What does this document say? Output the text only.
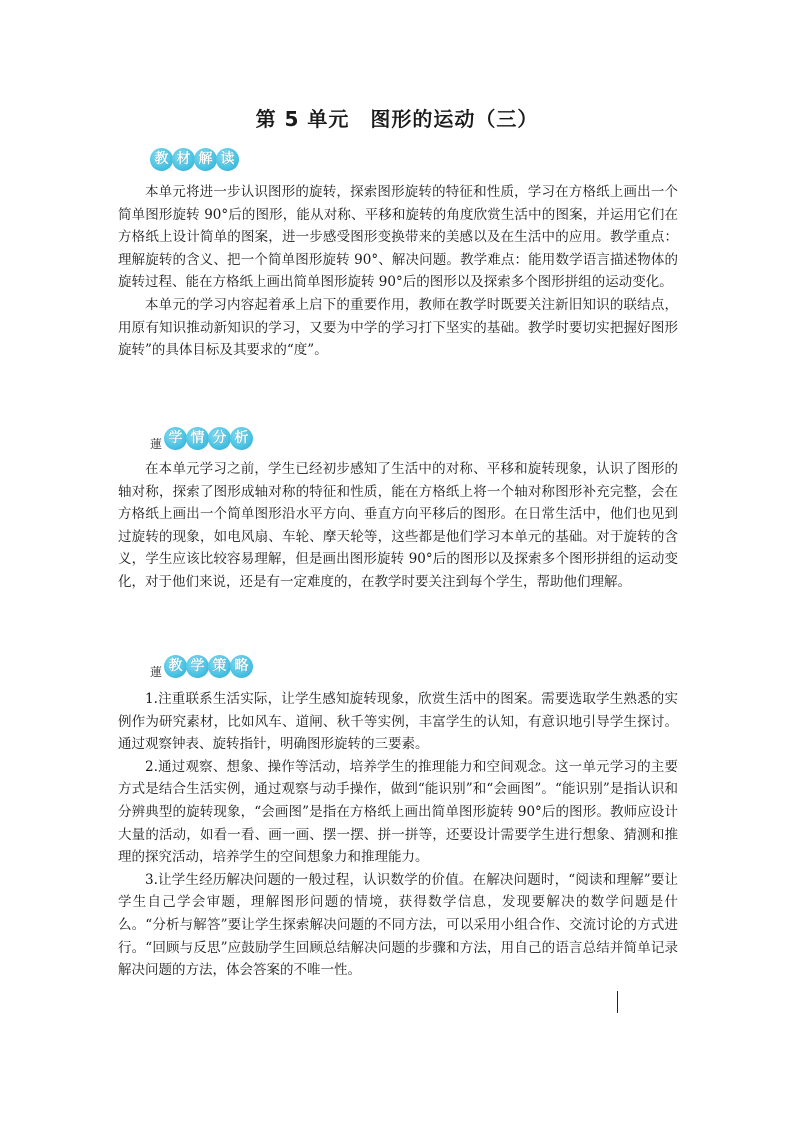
第 5 单元　图形的运动（三）
教 材 解 读

本单元将进一步认识图形的旋转，探索图形旋转的特征和性质，学习在方格纸上画出一个简单图形旋转 90°后的图形，能从对称、平移和旋转的角度欣赏生活中的图案，并运用它们在方格纸上设计简单的图案，进一步感受图形变换带来的美感以及在生活中的应用。教学重点：理解旋转的含义、把一个简单图形旋转 90°、解决问题。教学难点：能用数学语言描述物体的旋转过程、能在方格纸上画出简单图形旋转 90°后的图形以及探索多个图形拼组的运动变化。

本单元的学习内容起着承上启下的重要作用，教师在教学时既要关注新旧知识的联结点，用原有知识推动新知识的学习，又要为中学的学习打下坚实的基础。教学时要切实把握好图形旋转”的具体目标及其要求的“度”。

蓮 学 情 分 析

在本单元学习之前，学生已经初步感知了生活中的对称、平移和旋转现象，认识了图形的轴对称，探索了图形成轴对称的特征和性质，能在方格纸上将一个轴对称图形补充完整，会在方格纸上画出一个简单图形沿水平方向、垂直方向平移后的图形。在日常生活中，他们也见到过旋转的现象，如电风扇、车轮、摩天轮等，这些都是他们学习本单元的基础。对于旋转的含义，学生应该比较容易理解，但是画出图形旋转 90°后的图形以及探索多个图形拼组的运动变化，对于他们来说，还是有一定难度的，在教学时要关注到每个学生，帮助他们理解。

蓮 教 学 策 略

1.注重联系生活实际，让学生感知旋转现象，欣赏生活中的图案。需要选取学生熟悉的实例作为研究素材，比如风车、道闸、秋千等实例，丰富学生的认知，有意识地引导学生探讨。通过观察钟表、旋转指针，明确图形旋转的三要素。

2.通过观察、想象、操作等活动，培养学生的推理能力和空间观念。这一单元学习的主要方式是结合生活实例，通过观察与动手操作，做到“能识别”和“会画图”。“能识别”是指认识和分辨典型的旋转现象，“会画图”是指在方格纸上画出简单图形旋转 90°后的图形。教师应设计大量的活动，如看一看、画一画、摆一摆、拼一拼等，还要设计需要学生进行想象、猜测和推理的探究活动，培养学生的空间想象力和推理能力。

3.让学生经历解决问题的一般过程，认识数学的价值。在解决问题时，“阅读和理解”要让学生自己学会审题，理解图形问题的情境，获得数学信息，发现要解决的数学问题是什么。“分析与解答”要让学生探索解决问题的不同方法，可以采用小组合作、交流讨论的方式进行。“回顾与反思”应鼓励学生回顾总结解决问题的步骤和方法，用自己的语言总结并简单记录解决问题的方法，体会答案的不唯一性。
